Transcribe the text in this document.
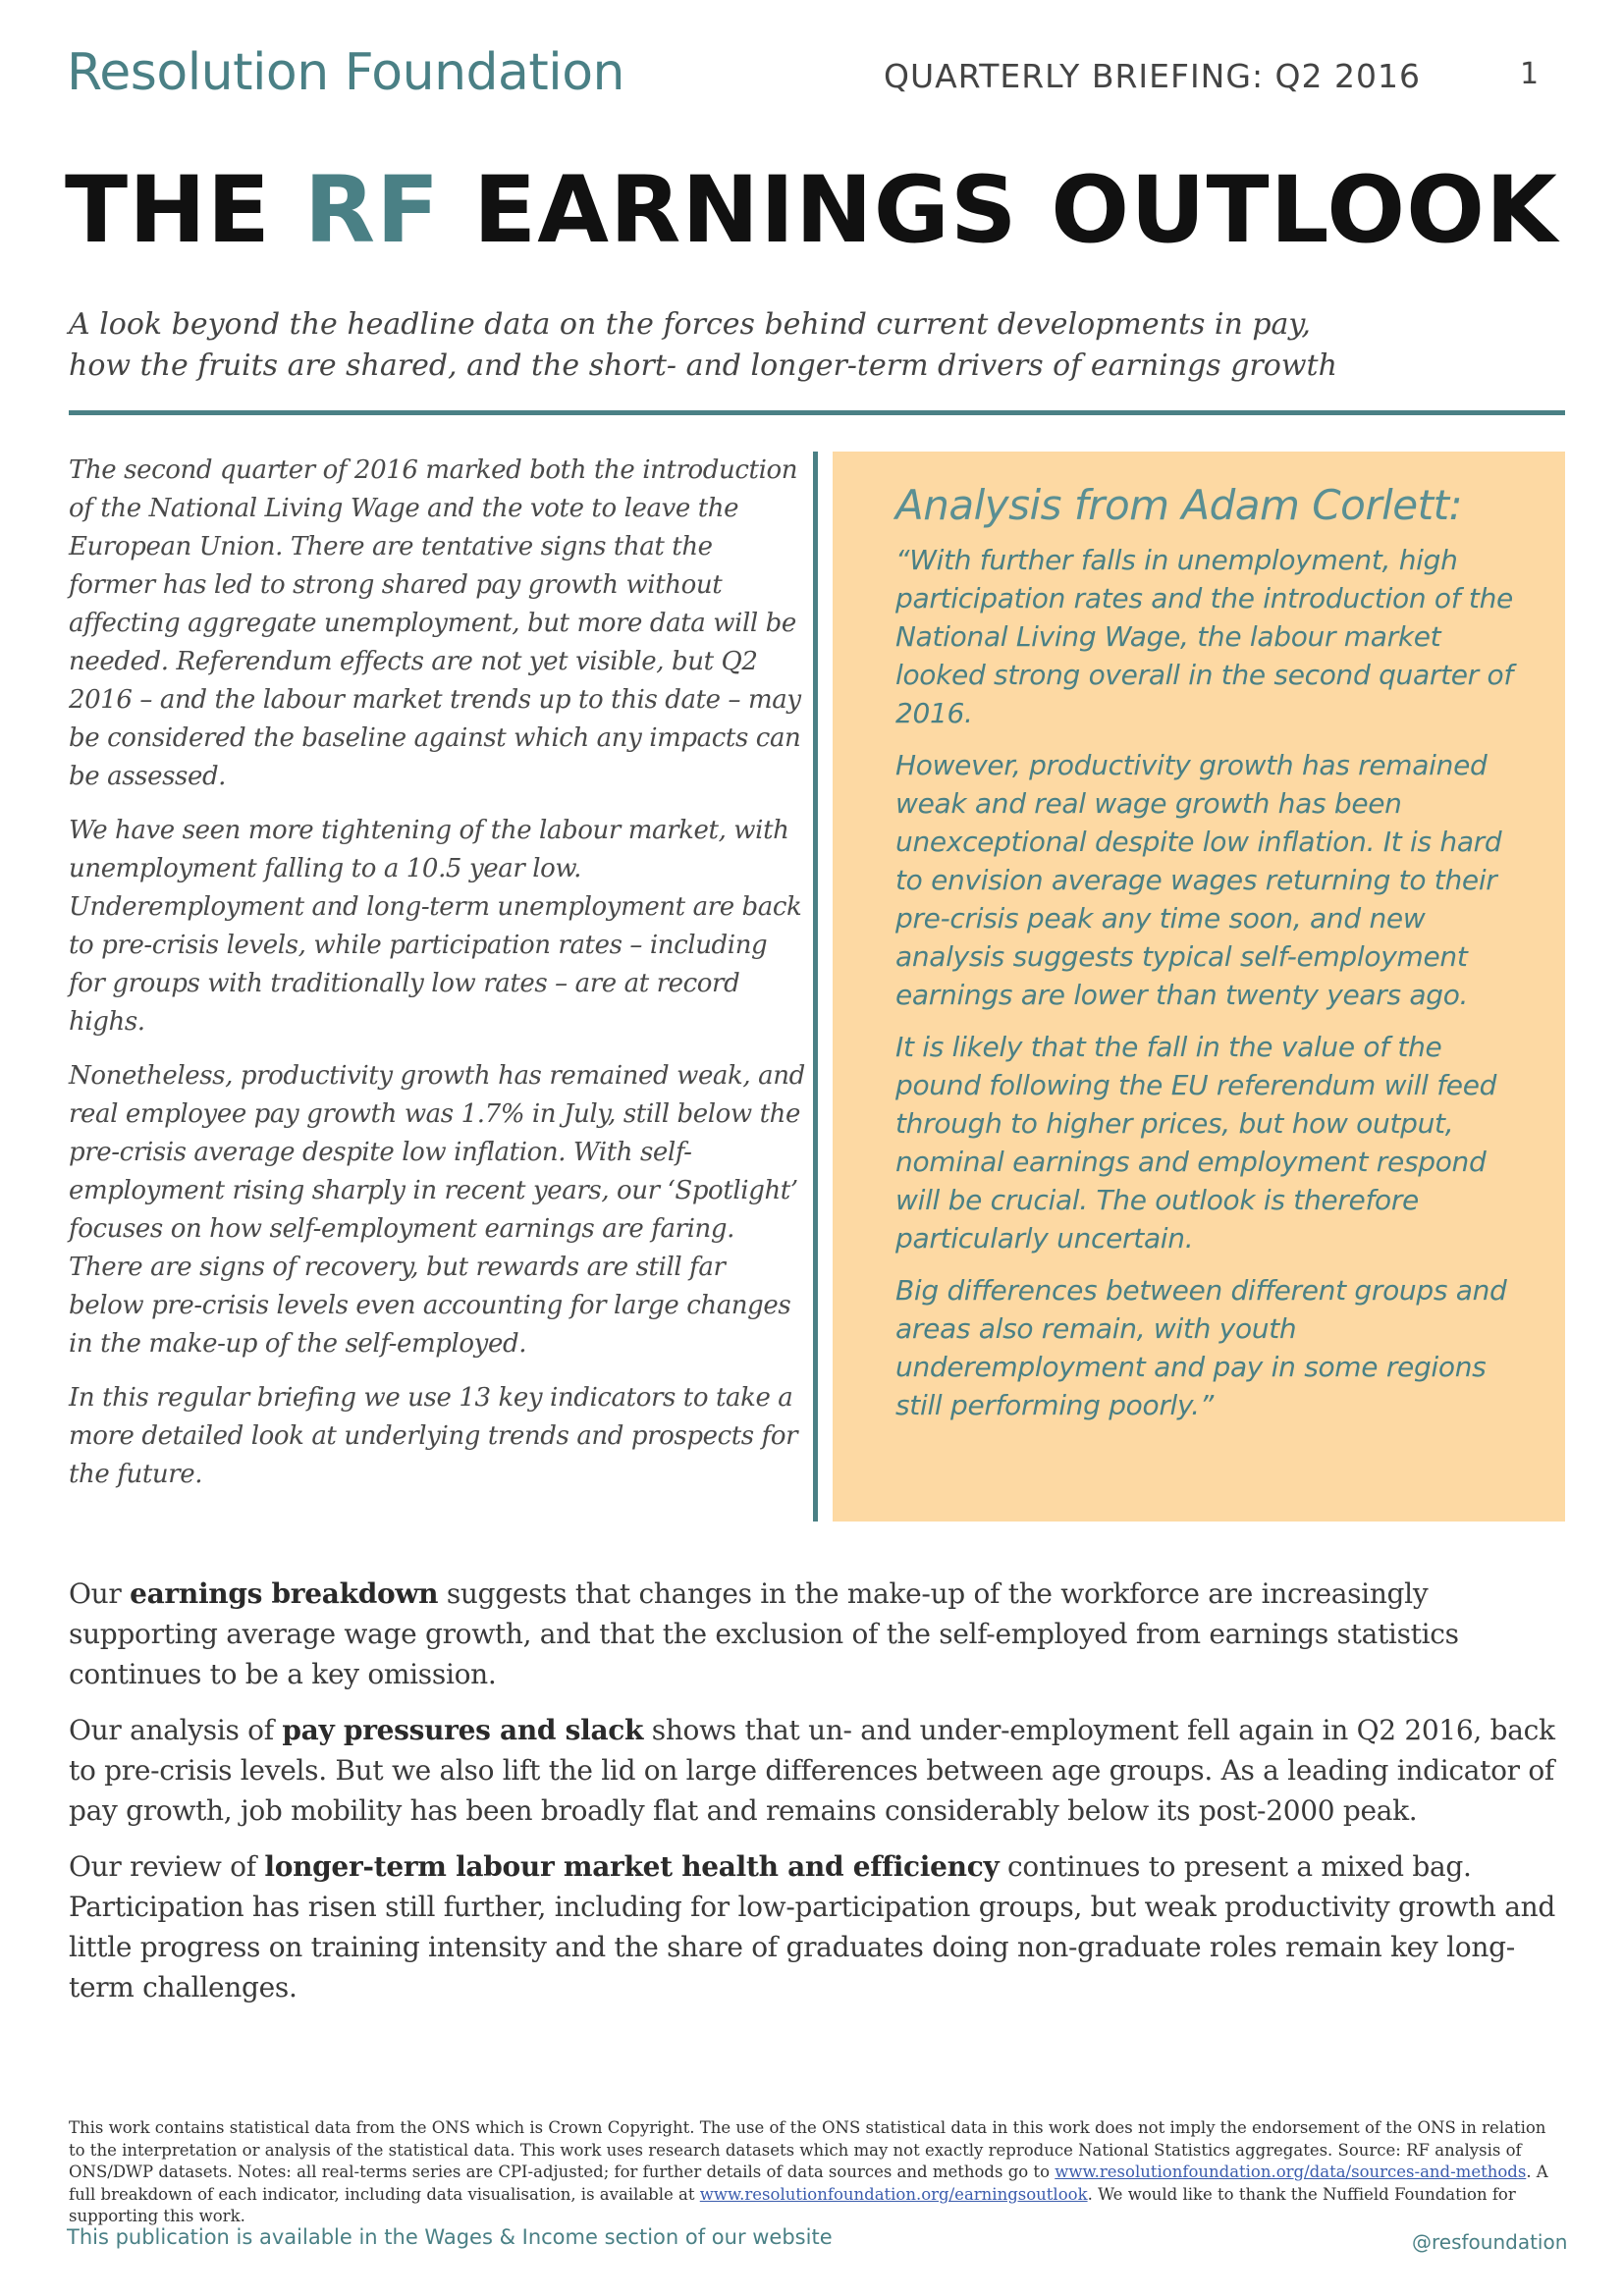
Resolution Foundation	QUARTERLY BRIEFING: Q2 2016	1
THE RF EARNINGS OUTLOOK
A look beyond the headline data on the forces behind current developments in pay,
how the fruits are shared, and the short- and longer-term drivers of earnings growth

The second quarter of 2016 marked both the introduction of the National Living Wage and the vote to leave the European Union. There are tentative signs that the former has led to strong shared pay growth without affecting aggregate unemployment, but more data will be needed. Referendum effects are not yet visible, but Q2 2016 – and the labour market trends up to this date – may be considered the baseline against which any impacts can be assessed.

We have seen more tightening of the labour market, with unemployment falling to a 10.5 year low. Underemployment and long-term unemployment are back to pre-crisis levels, while participation rates – including for groups with traditionally low rates – are at record highs.

Nonetheless, productivity growth has remained weak, and real employee pay growth was 1.7% in July, still below the pre-crisis average despite low inflation. With self-employment rising sharply in recent years, our ‘Spotlight’ focuses on how self-employment earnings are faring. There are signs of recovery, but rewards are still far below pre-crisis levels even accounting for large changes in the make-up of the self-employed.

In this regular briefing we use 13 key indicators to take a more detailed look at underlying trends and prospects for the future.

Analysis from Adam Corlett:

“With further falls in unemployment, high participation rates and the introduction of the National Living Wage, the labour market looked strong overall in the second quarter of 2016.

However, productivity growth has remained weak and real wage growth has been unexceptional despite low inflation. It is hard to envision average wages returning to their pre-crisis peak any time soon, and new analysis suggests typical self-employment earnings are lower than twenty years ago.

It is likely that the fall in the value of the pound following the EU referendum will feed through to higher prices, but how output, nominal earnings and employment respond will be crucial. The outlook is therefore particularly uncertain.

Big differences between different groups and areas also remain, with youth underemployment and pay in some regions still performing poorly.”

Our earnings breakdown suggests that changes in the make-up of the workforce are increasingly supporting average wage growth, and that the exclusion of the self-employed from earnings statistics continues to be a key omission.

Our analysis of pay pressures and slack shows that un- and under-employment fell again in Q2 2016, back to pre-crisis levels. But we also lift the lid on large differences between age groups. As a leading indicator of pay growth, job mobility has been broadly flat and remains considerably below its post-2000 peak.

Our review of longer-term labour market health and efficiency continues to present a mixed bag. Participation has risen still further, including for low-participation groups, but weak productivity growth and little progress on training intensity and the share of graduates doing non-graduate roles remain key long-term challenges.

This work contains statistical data from the ONS which is Crown Copyright. The use of the ONS statistical data in this work does not imply the endorsement of the ONS in relation to the interpretation or analysis of the statistical data. This work uses research datasets which may not exactly reproduce National Statistics aggregates. Source: RF analysis of ONS/DWP datasets. Notes: all real-terms series are CPI-adjusted; for further details of data sources and methods go to www.resolutionfoundation.org/data/sources-and-methods. A full breakdown of each indicator, including data visualisation, is available at www.resolutionfoundation.org/earningsoutlook. We would like to thank the Nuffield Foundation for supporting this work.
This publication is available in the Wages & Income section of our website	@resfoundation
